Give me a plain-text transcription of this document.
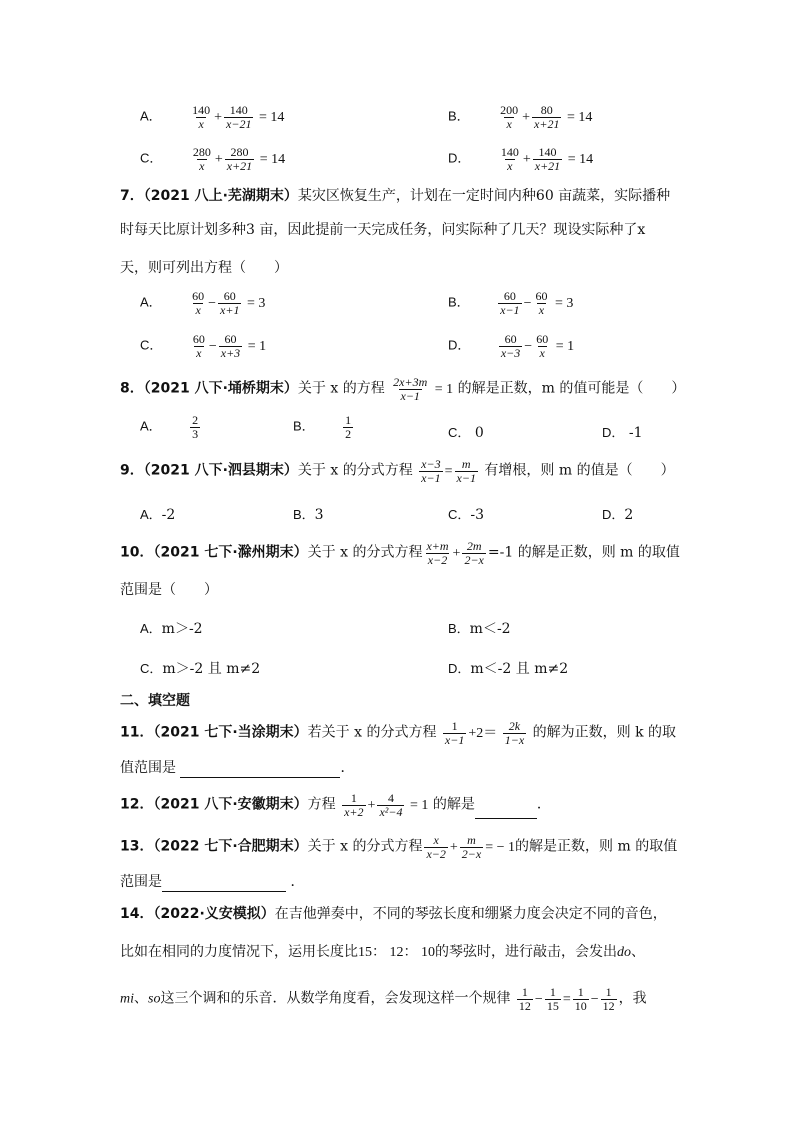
A． $\frac{140}{x} + \frac{140}{x-21} = 14$	B． $\frac{200}{x} + \frac{80}{x+21} = 14$
C． $\frac{280}{x} + \frac{280}{x+21} = 14$	D． $\frac{140}{x} + \frac{140}{x+21} = 14$
7．（2021 八上·芜湖期末）某灾区恢复生产，计划在一定时间内种60 亩蔬菜，实际播种
时每天比原计划多种3 亩，因此提前一天完成任务，问实际种了几天？现设实际种了x
天，则可列出方程（　　）
A． $\frac{60}{x} - \frac{60}{x+1} = 3$	B． $\frac{60}{x-1} - \frac{60}{x} = 3$
C． $\frac{60}{x} - \frac{60}{x+3} = 1$	D． $\frac{60}{x-3} - \frac{60}{x} = 1$
8．（2021 八下·埇桥期末）关于 x 的方程 $\frac{2x+3m}{x-1} = 1$ 的解是正数，m 的值可能是（　　）
A． $\frac{2}{3}$	B． $\frac{1}{2}$	C． 0	D． -1
9．（2021 八下·泗县期末）关于 x 的分式方程 $\frac{x-3}{x-1} = \frac{m}{x-1}$ 有增根，则 m 的值是（　　）
A．-2	B．3	C．-3	D．2
10．（2021 七下·滁州期末）关于 x 的分式方程 $\frac{x+m}{x-2} + \frac{2m}{2-x} =-1$ 的解是正数，则 m 的取值
范围是（　　）
A．m＞-2	B．m＜-2
C．m＞-2 且 m≠2	D．m＜-2 且 m≠2
二、填空题
11．（2021 七下·当涂期末）若关于 x 的分式方程 $\frac{1}{x-1} +2= \frac{2k}{1-x}$ 的解为正数，则 k 的取
值范围是	．
12．（2021 八下·安徽期末）方程 $\frac{1}{x+2} + \frac{4}{\text{x²−4}} = 1$ 的解是	．
13．（2022 七下·合肥期末）关于 x 的分式方程 $\frac{x}{x-2} + \frac{m}{2-x}$ = − 1的解是正数，则 m 的取值
范围是	．
14．（2022·义安模拟）在吉他弹奏中，不同的琴弦长度和绷紧力度会决定不同的音色，
比如在相同的力度情况下，运用长度比15： 12： 10的琴弦时，进行敲击，会发出do、
mi、so这三个调和的乐音．从数学角度看，会发现这样一个规律 $\frac{1}{12} - \frac{1}{15} = \frac{1}{10} - \frac{1}{12}$ ，我
